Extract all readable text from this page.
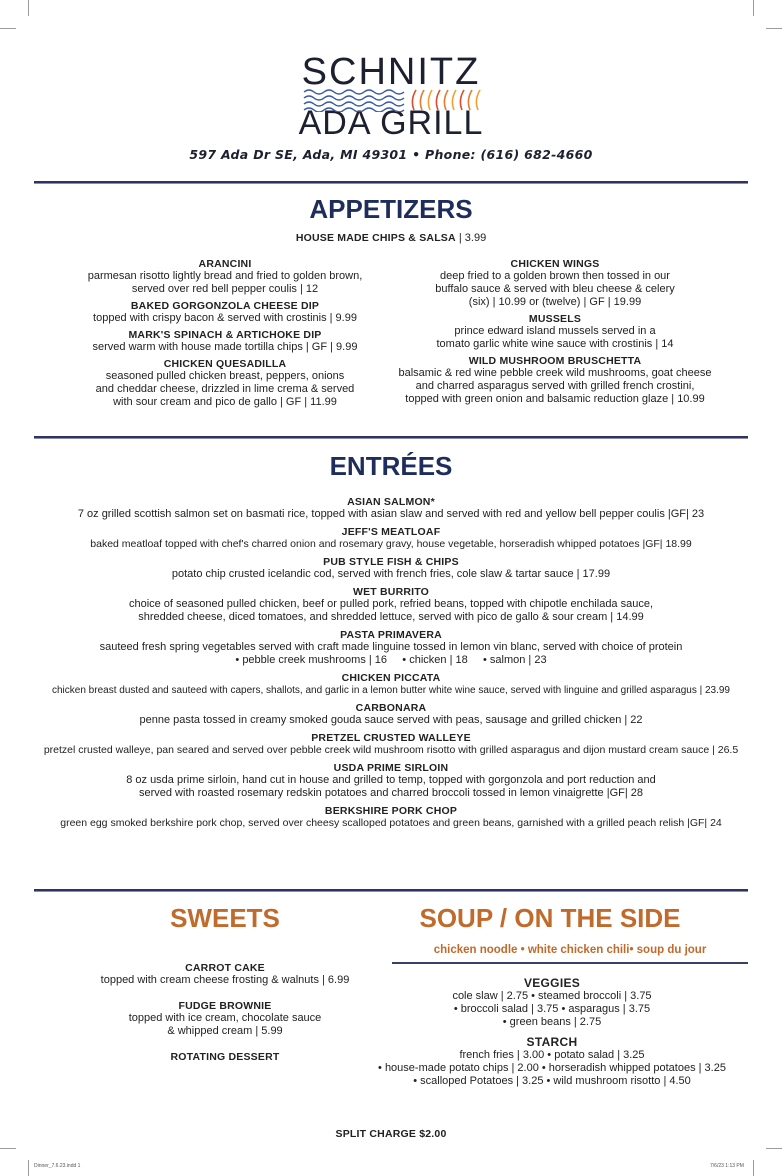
SCHNITZ
ADA GRILL
597 Ada Dr SE, Ada, MI 49301 • Phone: (616) 682-4660
APPETIZERS
HOUSE MADE CHIPS & SALSA | 3.99
ARANCINI
parmesan risotto lightly bread and fried to golden brown,
served over red bell pepper coulis | 12
BAKED GORGONZOLA CHEESE DIP
topped with crispy bacon & served with crostinis | 9.99
MARK'S SPINACH & ARTICHOKE DIP
served warm with house made tortilla chips | GF | 9.99
CHICKEN QUESADILLA
seasoned pulled chicken breast, peppers, onions
and cheddar cheese, drizzled in lime crema & served
with sour cream and pico de gallo | GF | 11.99
CHICKEN WINGS
deep fried to a golden brown then tossed in our
buffalo sauce & served with bleu cheese & celery
(six) | 10.99 or (twelve) | GF | 19.99
MUSSELS
prince edward island mussels served in a
tomato garlic white wine sauce with crostinis | 14
WILD MUSHROOM BRUSCHETTA
balsamic & red wine pebble creek wild mushrooms, goat cheese
and charred asparagus served with grilled french crostini,
topped with green onion and balsamic reduction glaze | 10.99
ENTRÉES
ASIAN SALMON*
7 oz grilled scottish salmon set on basmati rice, topped with asian slaw and served with red and yellow bell pepper coulis |GF| 23
JEFF'S MEATLOAF
baked meatloaf topped with chef's charred onion and rosemary gravy, house vegetable, horseradish whipped potatoes |GF| 18.99
PUB STYLE FISH & CHIPS
potato chip crusted icelandic cod, served with french fries, cole slaw & tartar sauce | 17.99
WET BURRITO
choice of seasoned pulled chicken, beef or pulled pork, refried beans, topped with chipotle enchilada sauce,
shredded cheese, diced tomatoes, and shredded lettuce, served with pico de gallo & sour cream | 14.99
PASTA PRIMAVERA
sauteed fresh spring vegetables served with craft made linguine tossed in lemon vin blanc, served with choice of protein
• pebble creek mushrooms | 16     • chicken | 18     • salmon | 23
CHICKEN PICCATA
chicken breast dusted and sauteed with capers, shallots, and garlic in a lemon butter white wine sauce, served with linguine and grilled asparagus | 23.99
CARBONARA
penne pasta tossed in creamy smoked gouda sauce served with peas, sausage and grilled chicken | 22
PRETZEL CRUSTED WALLEYE
pretzel crusted walleye, pan seared and served over pebble creek wild mushroom risotto with grilled asparagus and dijon mustard cream sauce | 26.5
USDA PRIME SIRLOIN
8 oz usda prime sirloin, hand cut in house and grilled to temp, topped with gorgonzola and port reduction and
served with roasted rosemary redskin potatoes and charred broccoli tossed in lemon vinaigrette |GF| 28
BERKSHIRE PORK CHOP
green egg smoked berkshire pork chop, served over cheesy scalloped potatoes and green beans, garnished with a grilled peach relish |GF| 24
SWEETS
CARROT CAKE
topped with cream cheese frosting & walnuts | 6.99
FUDGE BROWNIE
topped with ice cream, chocolate sauce
& whipped cream | 5.99
ROTATING DESSERT
SOUP / ON THE SIDE
chicken noodle • white chicken chili• soup du jour
VEGGIES
cole slaw | 2.75 • steamed broccoli | 3.75
• broccoli salad | 3.75 • asparagus | 3.75
• green beans | 2.75
STARCH
french fries | 3.00 • potato salad | 3.25
• house-made potato chips | 2.00 • horseradish whipped potatoes | 3.25
• scalloped Potatoes | 3.25 • wild mushroom risotto | 4.50
SPLIT CHARGE $2.00
Dinner_7.6.23.indd 1	7/6/23 1:13 PM
